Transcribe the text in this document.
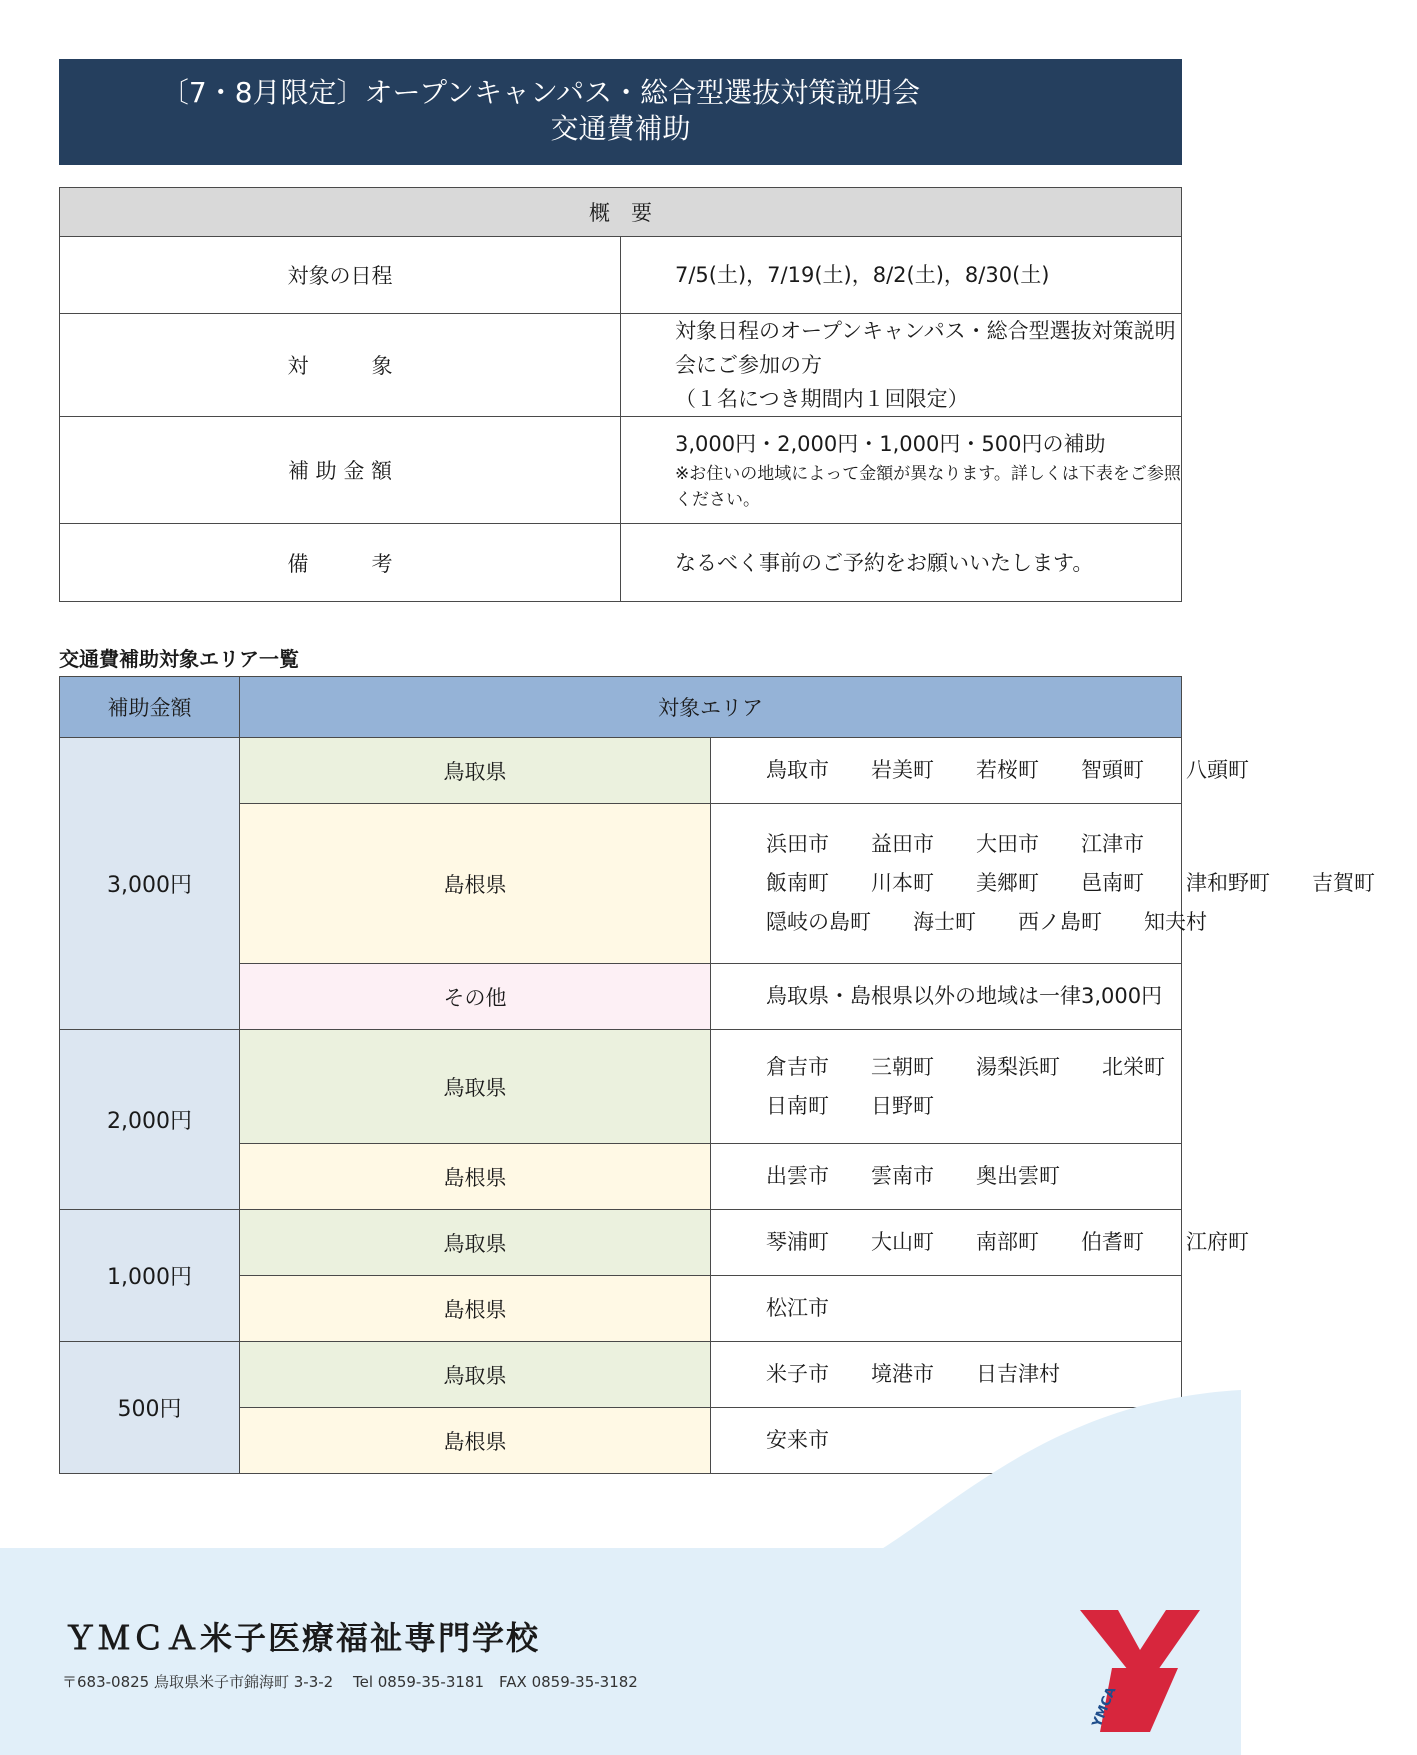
〔7・8月限定〕オープンキャンパス・総合型選抜対策説明会
交通費補助
概　要	
対象の日程	7/5(土)，7/19(土)，8/2(土)，8/30(土)
対　　　象	対象日程のオープンキャンパス・総合型選抜対策説明会にご参加の方
（１名につき期間内１回限定）

補 助 金 額	3,000円・2,000円・1,000円・500円の補助
※お住いの地域によって金額が異なります。詳しくは下表をご参照ください。

備　　　考	なるべく事前のご予約をお願いいたします。
交通費補助対象エリア一覧
補助金額	対象エリア	
3,000円	鳥取県	鳥取市 岩美町 若桜町 智頭町 八頭町

	島根県	浜田市 益田市 大田市 江津市
飯南町 川本町 美郷町 邑南町 津和野町 吉賀町
隠岐の島町 海士町 西ノ島町 知夫村

	その他	鳥取県・島根県以外の地域は一律3,000円
2,000円	鳥取県	倉吉市 三朝町 湯梨浜町 北栄町
日南町 日野町

	島根県	出雲市 雲南市 奥出雲町

1,000円	鳥取県	琴浦町 大山町 南部町 伯耆町 江府町

	島根県	松江市

500円	鳥取県	米子市 境港市 日吉津村

	島根県	安来市
ＹＭＣＡ米子医療福祉専門学校
〒683-0825 鳥取県米子市錦海町 3-3-2　 Tel 0859-35-3181　FAX 0859-35-3182
YMCA
